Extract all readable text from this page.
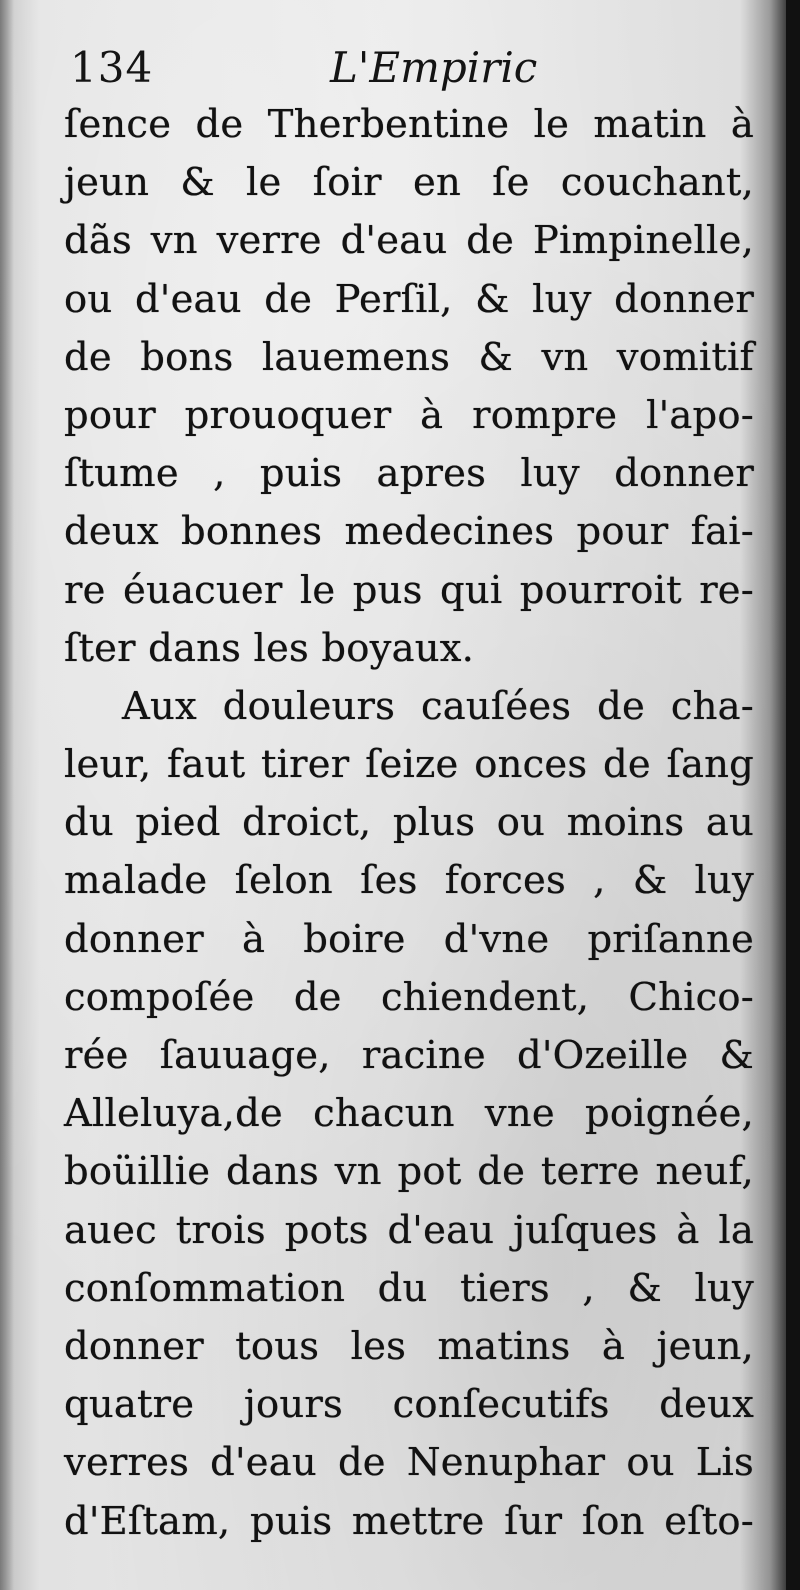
134	L'Empiric
ſence de Therbentine le matin à
jeun & le ſoir en ſe couchant,
dãs vn verre d'eau de Pimpinelle,
ou d'eau de Perſil, & luy donner
de bons lauemens & vn vomitif
pour prouoquer à rompre l'apo-
ſtume , puis apres luy donner
deux bonnes medecines pour fai-
re éuacuer le pus qui pourroit re-
ſter dans les boyaux.
Aux douleurs cauſées de cha-
leur, faut tirer ſeize onces de ſang
du pied droict, plus ou moins au
malade ſelon ſes forces , & luy
donner à boire d'vne priſanne
compoſée de chiendent, Chico-
rée ſauuage, racine d'Ozeille &
Alleluya,de chacun vne poignée,
boüillie dans vn pot de terre neuf,
auec trois pots d'eau juſques à la
conſommation du tiers , & luy
donner tous les matins à jeun,
quatre jours conſecutifs deux
verres d'eau de Nenuphar ou Lis
d'Eſtam, puis mettre ſur ſon eſto-
